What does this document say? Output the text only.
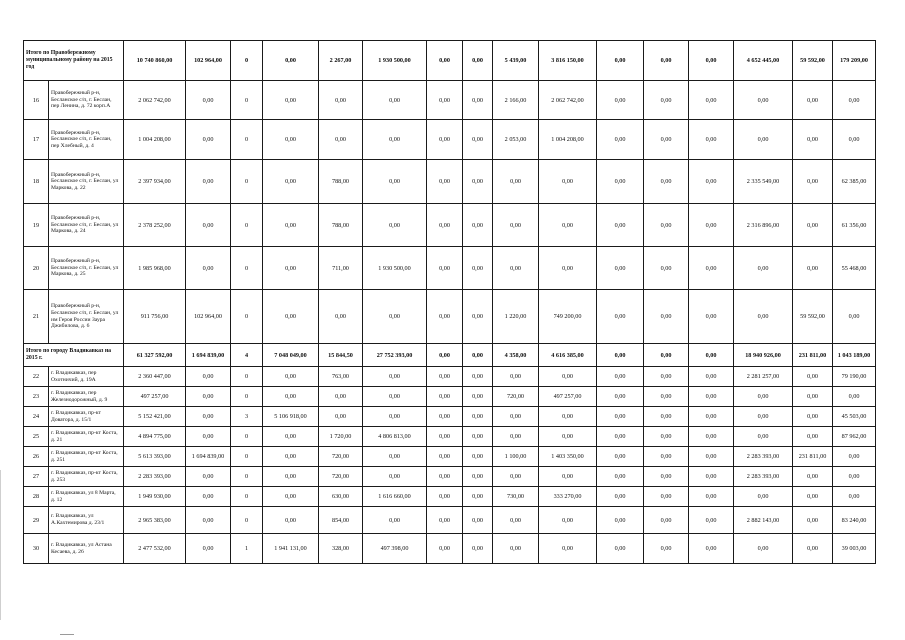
Итого по Правобережному муниципальному району на 2015 год		10 740 860,00	102 964,00	0	0,00	2 267,00	1 930 500,00	0,00	0,00	5 439,00	3 816 150,00	0,00	0,00	0,00	4 652 445,00	59 592,00	179 209,00
16	Правобережный р-н, Бесланское с/п, г. Беслан, пер Ленина, д. 72 корп.А	2 062 742,00	0,00	0	0,00	0,00	0,00	0,00	0,00	2 166,00	2 062 742,00	0,00	0,00	0,00	0,00	0,00	0,00
17	Правобережный р-н, Бесланское с/п, г. Беслан, пер Хлебный, д. 4	1 004 208,00	0,00	0	0,00	0,00	0,00	0,00	0,00	2 053,00	1 004 208,00	0,00	0,00	0,00	0,00	0,00	0,00
18	Правобережный р-н, Бесланское с/п, г. Беслан, ул Маркова, д. 22	2 397 934,00	0,00	0	0,00	788,00	0,00	0,00	0,00	0,00	0,00	0,00	0,00	0,00	2 335 549,00	0,00	62 385,00
19	Правобережный р-н, Бесланское с/п, г. Беслан, ул Маркова, д. 24	2 378 252,00	0,00	0	0,00	788,00	0,00	0,00	0,00	0,00	0,00	0,00	0,00	0,00	2 316 896,00	0,00	61 356,00
20	Правобережный р-н, Бесланское с/п, г. Беслан, ул Маркова, д. 25	1 985 968,00	0,00	0	0,00	711,00	1 930 500,00	0,00	0,00	0,00	0,00	0,00	0,00	0,00	0,00	0,00	55 468,00
21	Правобережный р-н, Бесланское с/п, г. Беслан, ул им Героя России Заура Джибилова, д. 6	911 756,00	102 964,00	0	0,00	0,00	0,00	0,00	0,00	1 220,00	749 200,00	0,00	0,00	0,00	0,00	59 592,00	0,00
Итого по городу Владикавказ на 2015 г.		61 327 592,00	1 694 839,00	4	7 048 049,00	15 844,50	27 752 393,00	0,00	0,00	4 358,00	4 616 385,00	0,00	0,00	0,00	18 940 926,00	231 811,00	1 043 189,00
22	г. Владикавказ, пер Охотничий, д. 19А	2 360 447,00	0,00	0	0,00	763,00	0,00	0,00	0,00	0,00	0,00	0,00	0,00	0,00	2 281 257,00	0,00	79 190,00
23	г. Владикавказ, пер Железнодорожный, д. 9	497 257,00	0,00	0	0,00	0,00	0,00	0,00	0,00	720,00	497 257,00	0,00	0,00	0,00	0,00	0,00	0,00
24	г. Владикавказ, пр-кт Доватора, д. 15/1	5 152 421,00	0,00	3	5 106 918,00	0,00	0,00	0,00	0,00	0,00	0,00	0,00	0,00	0,00	0,00	0,00	45 503,00
25	г. Владикавказ, пр-кт Коста, д. 21	4 894 775,00	0,00	0	0,00	1 720,00	4 806 813,00	0,00	0,00	0,00	0,00	0,00	0,00	0,00	0,00	0,00	87 962,00
26	г. Владикавказ, пр-кт Коста, д. 251	5 613 393,00	1 694 839,00	0	0,00	720,00	0,00	0,00	0,00	1 100,00	1 403 350,00	0,00	0,00	0,00	2 283 393,00	231 811,00	0,00
27	г. Владикавказ, пр-кт Коста, д. 253	2 283 393,00	0,00	0	0,00	720,00	0,00	0,00	0,00	0,00	0,00	0,00	0,00	0,00	2 283 393,00	0,00	0,00
28	г. Владикавказ, ул 8 Марта, д. 12	1 949 930,00	0,00	0	0,00	630,00	1 616 660,00	0,00	0,00	730,00	333 270,00	0,00	0,00	0,00	0,00	0,00	0,00
29	г. Владикавказ, ул А.Кахтемирова д. 23/1	2 965 383,00	0,00	0	0,00	854,00	0,00	0,00	0,00	0,00	0,00	0,00	0,00	0,00	2 882 143,00	0,00	83 240,00
30	г. Владикавказ, ул Астана Кесаева, д. 26	2 477 532,00	0,00	1	1 941 131,00	328,00	497 398,00	0,00	0,00	0,00	0,00	0,00	0,00	0,00	0,00	0,00	39 003,00
